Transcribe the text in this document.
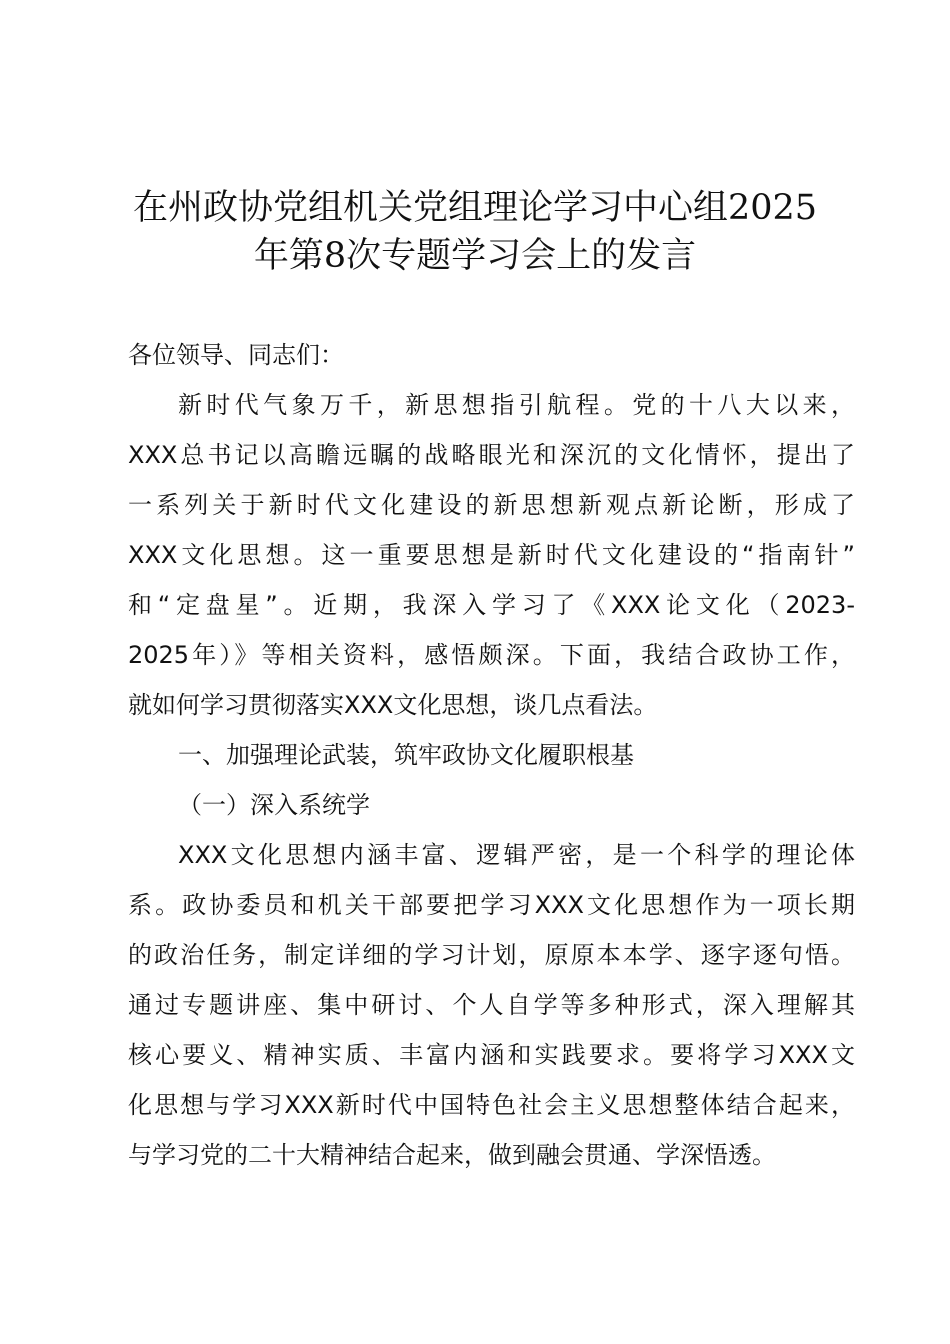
在州政协党组机关党组理论学习中心组2025
年第8次专题学习会上的发言
各位领导、同志们：
新时代气象万千，新思想指引航程。党的十八大以来，
XXX总书记以高瞻远瞩的战略眼光和深沉的文化情怀，提出了
一系列关于新时代文化建设的新思想新观点新论断，形成了
XXX文化思想。这一重要思想是新时代文化建设的“指南针”
和“定盘星”。近期，我深入学习了《XXX论文化（2023-
2025年）》等相关资料，感悟颇深。下面，我结合政协工作，
就如何学习贯彻落实XXX文化思想，谈几点看法。
一、加强理论武装，筑牢政协文化履职根基
（一）深入系统学
XXX文化思想内涵丰富、逻辑严密，是一个科学的理论体
系。政协委员和机关干部要把学习XXX文化思想作为一项长期
的政治任务，制定详细的学习计划，原原本本学、逐字逐句悟。
通过专题讲座、集中研讨、个人自学等多种形式，深入理解其
核心要义、精神实质、丰富内涵和实践要求。要将学习XXX文
化思想与学习XXX新时代中国特色社会主义思想整体结合起来，
与学习党的二十大精神结合起来，做到融会贯通、学深悟透。
